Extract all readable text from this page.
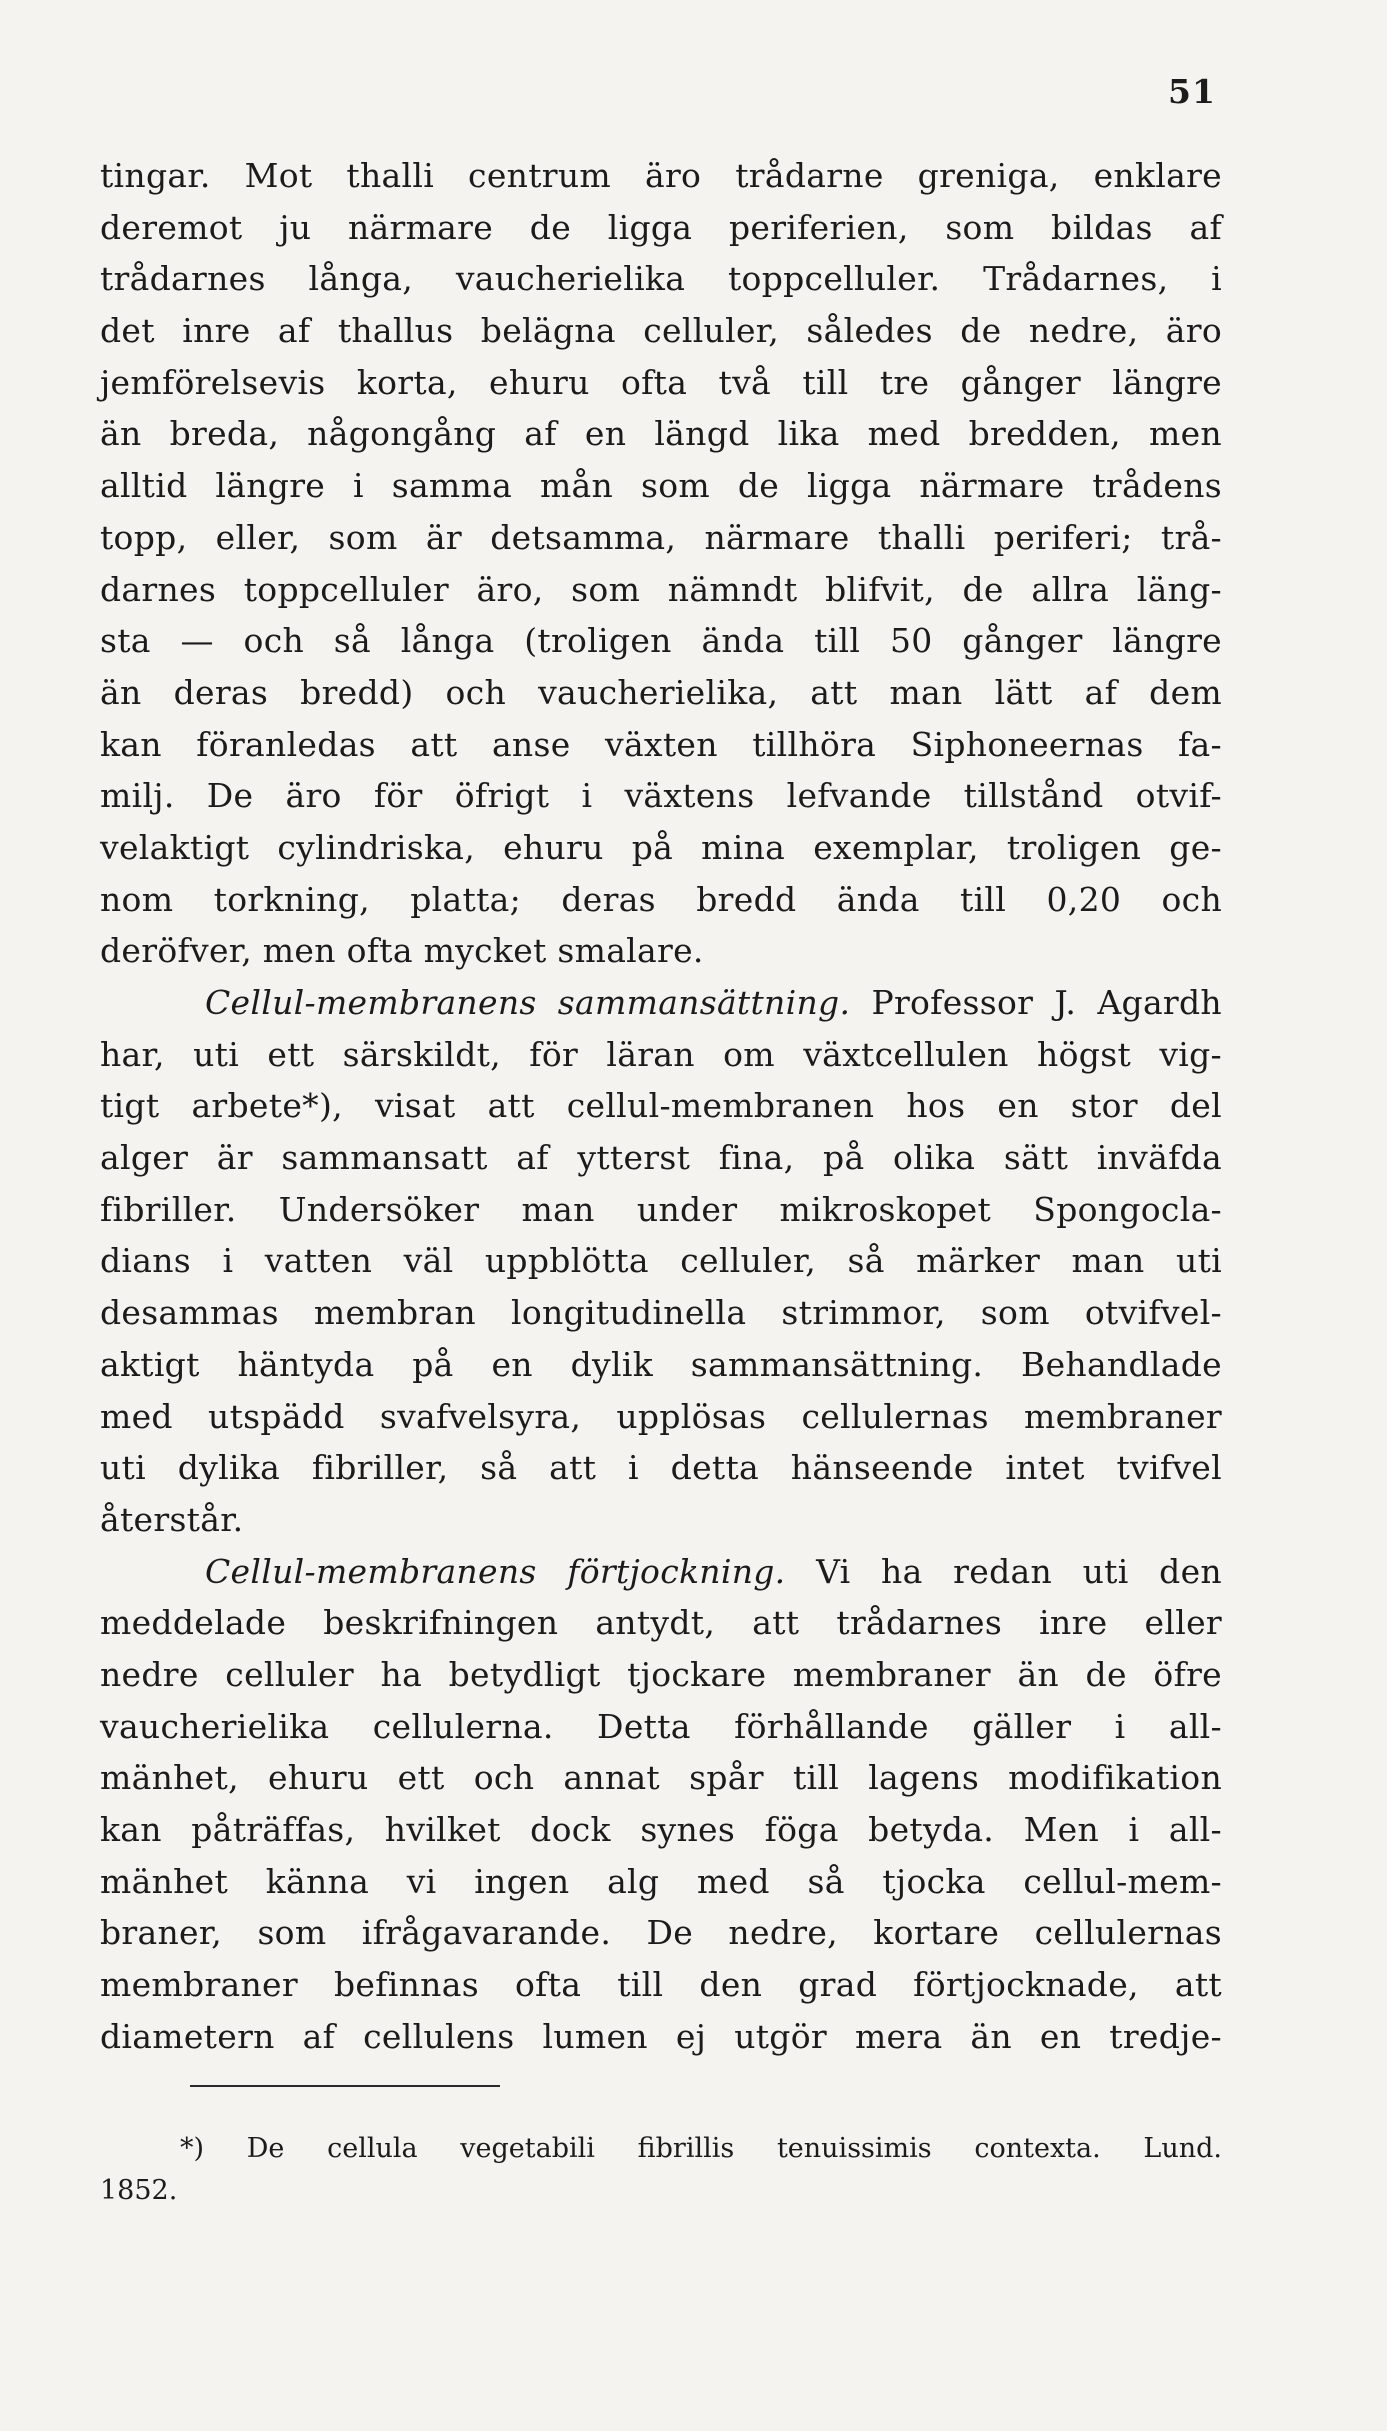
51
tingar. Mot thalli centrum äro trådarne greniga, enklare
deremot ju närmare de ligga periferien, som bildas af
trådarnes långa, vaucherielika toppcelluler. Trådarnes, i
det inre af thallus belägna celluler, således de nedre, äro
jemförelsevis korta, ehuru ofta två till tre gånger längre
än breda, någongång af en längd lika med bredden, men
alltid längre i samma mån som de ligga närmare trådens
topp, eller, som är detsamma, närmare thalli periferi; trå-
darnes toppcelluler äro, som nämndt blifvit, de allra läng-
sta — och så långa (troligen ända till 50 gånger längre
än deras bredd) och vaucherielika, att man lätt af dem
kan föranledas att anse växten tillhöra Siphoneernas fa-
milj. De äro för öfrigt i växtens lefvande tillstånd otvif-
velaktigt cylindriska, ehuru på mina exemplar, troligen ge-
nom torkning, platta; deras bredd ända till 0,20 och
deröfver, men ofta mycket smalare.
Cellul-membranens sammansättning. Professor J. Agardh
har, uti ett särskildt, för läran om växtcellulen högst vig-
tigt arbete*), visat att cellul-membranen hos en stor del
alger är sammansatt af ytterst fina, på olika sätt inväfda
fibriller. Undersöker man under mikroskopet Spongocla-
dians i vatten väl uppblötta celluler, så märker man uti
desammas membran longitudinella strimmor, som otvifvel-
aktigt häntyda på en dylik sammansättning. Behandlade
med utspädd svafvelsyra, upplösas cellulernas membraner
uti dylika fibriller, så att i detta hänseende intet tvifvel
återstår.
Cellul-membranens förtjockning. Vi ha redan uti den
meddelade beskrifningen antydt, att trådarnes inre eller
nedre celluler ha betydligt tjockare membraner än de öfre
vaucherielika cellulerna. Detta förhållande gäller i all-
mänhet, ehuru ett och annat spår till lagens modifikation
kan påträffas, hvilket dock synes föga betyda. Men i all-
mänhet känna vi ingen alg med så tjocka cellul-mem-
braner, som ifrågavarande. De nedre, kortare cellulernas
membraner befinnas ofta till den grad förtjocknade, att
diametern af cellulens lumen ej utgör mera än en tredje-
*) De cellula vegetabili fibrillis tenuissimis contexta. Lund.
1852.
